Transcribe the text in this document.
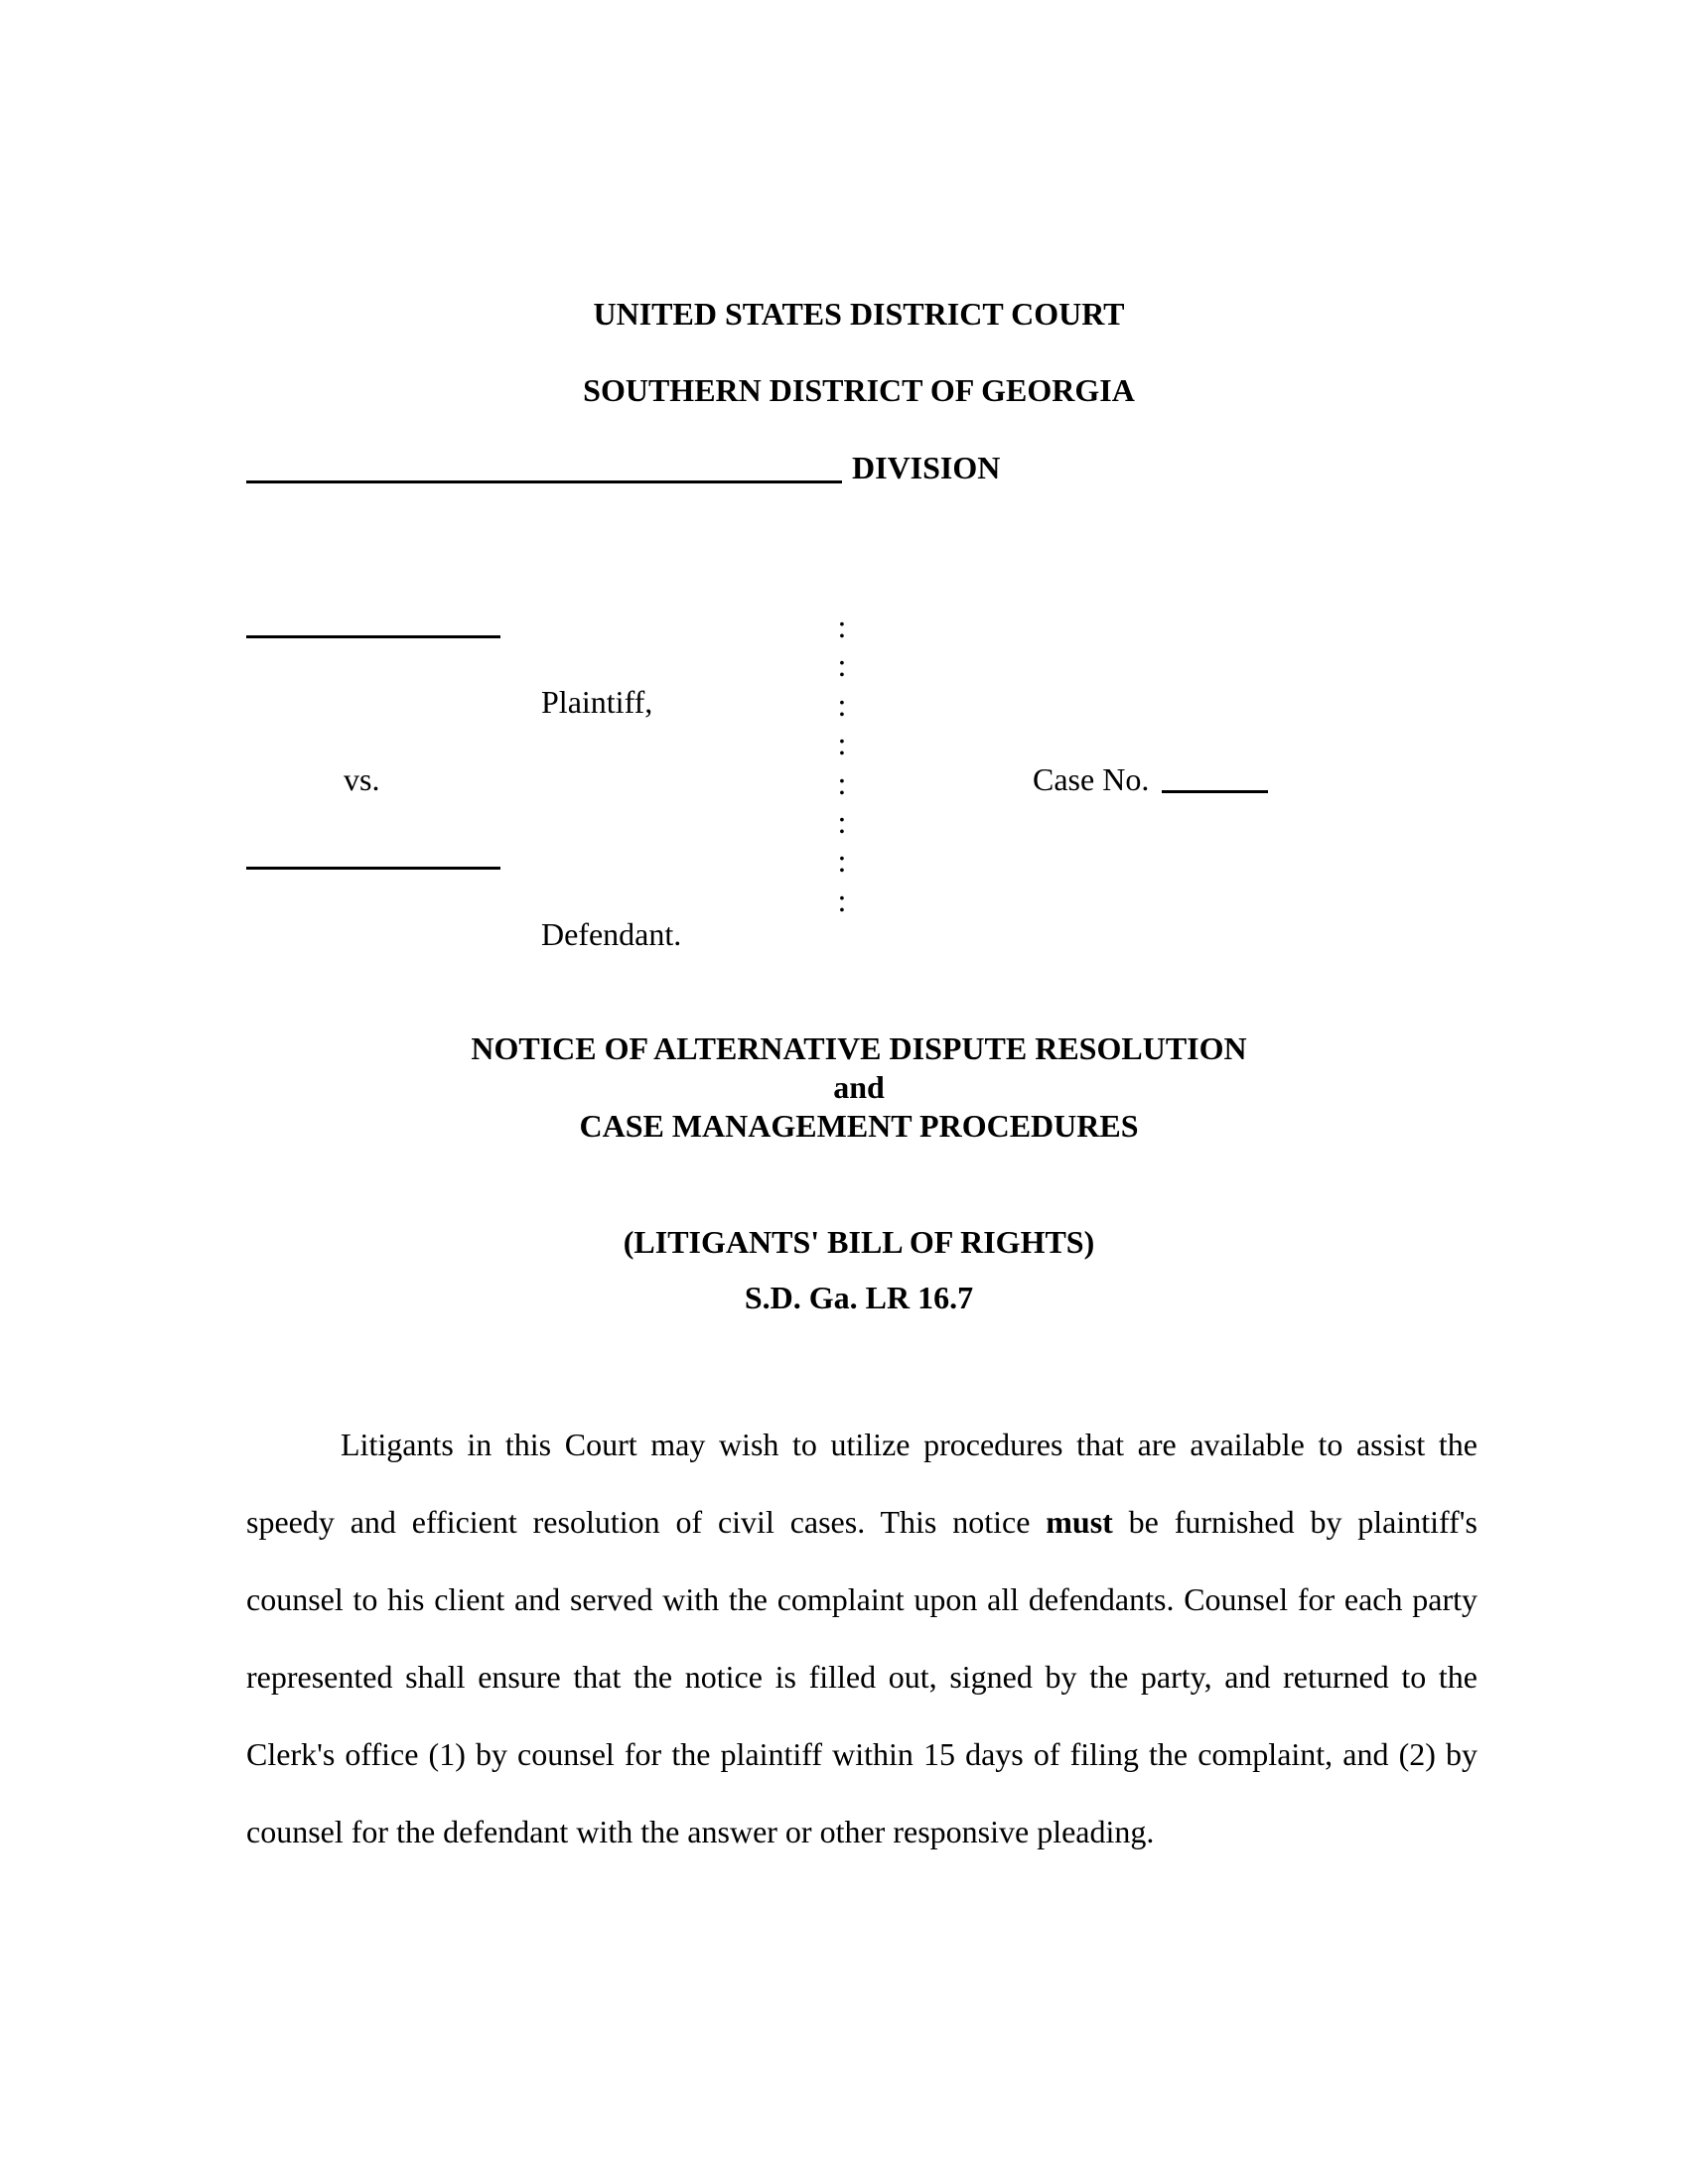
UNITED STATES DISTRICT COURT
SOUTHERN DISTRICT OF GEORGIA
DIVISION
Plaintiff,
vs.	Case No.
Defendant.
:
:
:
:
:
:
:
:
NOTICE OF ALTERNATIVE DISPUTE RESOLUTION
and
CASE MANAGEMENT PROCEDURES
(LITIGANTS' BILL OF RIGHTS)
S.D. Ga. LR 16.7
Litigants in this Court may wish to utilize procedures that are available to assist the
speedy and efficient resolution of civil cases. This notice must be furnished by plaintiff's
counsel to his client and served with the complaint upon all defendants. Counsel for each party
represented shall ensure that the notice is filled out, signed by the party, and returned to the
Clerk's office (1) by counsel for the plaintiff within 15 days of filing the complaint, and (2) by
counsel for the defendant with the answer or other responsive pleading.
